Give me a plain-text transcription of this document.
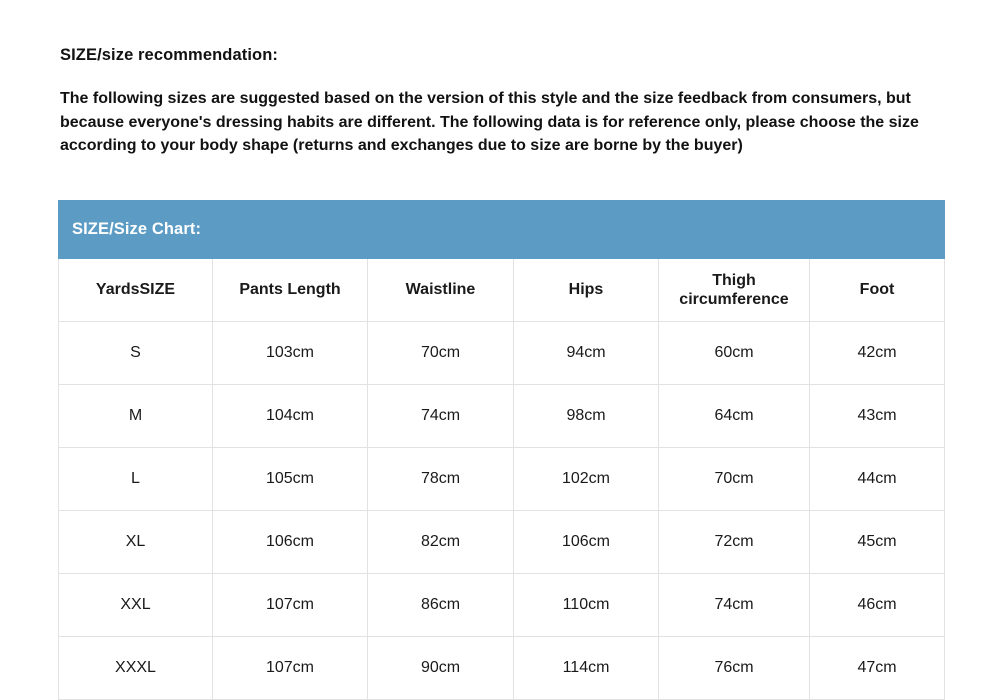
SIZE/size recommendation:

The following sizes are suggested based on the version of this style and the size feedback from consumers, but because everyone's dressing habits are different. The following data is for reference only, please choose the size according to your body shape (returns and exchanges due to size are borne by the buyer)

SIZE/Size Chart:
YardsSIZE	Pants Length	Waistline	Hips	Thigh circumference	Foot
S	103cm	70cm	94cm	60cm	42cm
M	104cm	74cm	98cm	64cm	43cm
L	105cm	78cm	102cm	70cm	44cm
XL	106cm	82cm	106cm	72cm	45cm
XXL	107cm	86cm	110cm	74cm	46cm
XXXL	107cm	90cm	114cm	76cm	47cm
